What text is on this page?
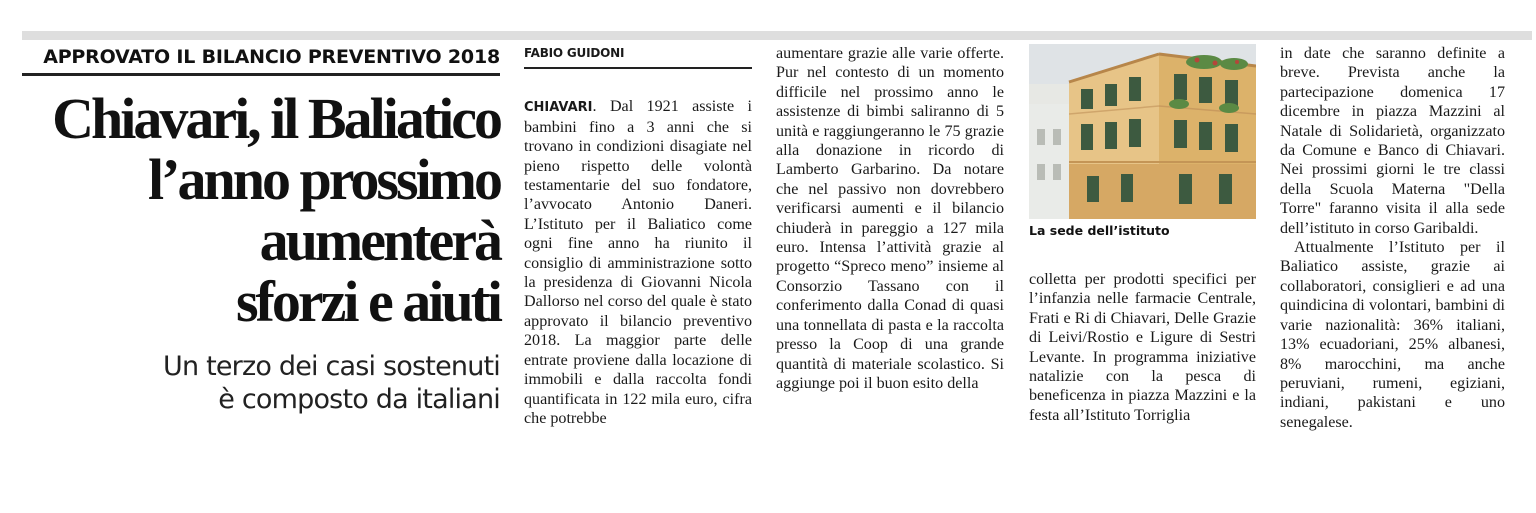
APPROVATO IL BILANCIO PREVENTIVO 2018
Chiavari, il Baliatico
l’anno prossimo
aumenterà
sforzi e aiuti
Un terzo dei casi sostenuti
è composto da italiani
FABIO GUIDONI

CHIAVARI. Dal 1921 assiste i bambini fino a 3 anni che si trovano in condizioni disagiate nel pieno rispetto delle volontà testamentarie del suo fondatore, l’avvocato Antonio Daneri. L’Istituto per il Baliatico come ogni fine anno ha riunito il consiglio di amministrazione sotto la presidenza di Giovanni Nicola Dallorso nel corso del quale è stato approvato il bilancio preventivo 2018. La maggior parte delle entrate proviene dalla locazione di immobili e dalla raccolta fondi quantificata in 122 mila euro, cifra che potrebbe

aumentare grazie alle varie offerte. Pur nel contesto di un momento difficile nel prossimo anno le assistenze di bimbi saliranno di 5 unità e raggiungeranno le 75 grazie alla donazione in ricordo di Lamberto Garbarino. Da notare che nel passivo non dovrebbero verificarsi aumenti e il bilancio chiuderà in pareggio a 127 mila euro. Intensa l’attività grazie al progetto “Spreco meno” insieme al Consorzio Tassano con il conferimento dalla Conad di quasi una tonnellata di pasta e la raccolta presso la Coop di una grande quantità di materiale scolastico. Si aggiunge poi il buon esito della

La sede dell’istituto

colletta per prodotti specifici per l’infanzia nelle farmacie Centrale, Frati e Ri di Chiavari, Delle Grazie di Leivi/Rostio e Ligure di Sestri Levante. In programma iniziative natalizie con la pesca di beneficenza in piazza Mazzini e la festa all’Istituto Torriglia

in date che saranno definite a breve. Prevista anche la partecipazione domenica 17 dicembre in piazza Mazzini al Natale di Solidarietà, organizzato da Comune e Banco di Chiavari. Nei prossimi giorni le tre classi della Scuola Materna "Della Torre" faranno visita il alla sede dell’istituto in corso Garibaldi.

Attualmente l’Istituto per il Baliatico assiste, grazie ai collaboratori, consiglieri e ad una quindicina di volontari, bambini di varie nazionalità: 36% italiani, 13% ecuadoriani, 25% albanesi, 8% marocchini, ma anche peruviani, rumeni, egiziani, indiani, pakistani e uno senegalese.
